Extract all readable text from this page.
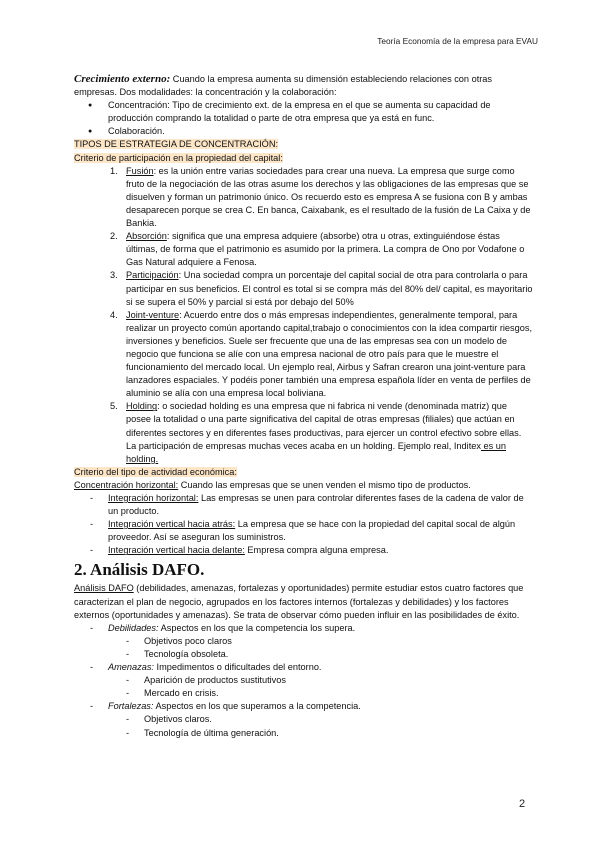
Teoría Economía de la empresa para EVAU

Crecimiento externo: Cuando la empresa aumenta su dimensión estableciendo relaciones con otras empresas. Dos modalidades: la concentración y la colaboración:

● Concentración: Tipo de crecimiento ext. de la empresa en el que se aumenta su capacidad de producción comprando la totalidad o parte de otra empresa que ya está en func.
● Colaboración.

TIPOS DE ESTRATEGIA DE CONCENTRACIÓN:

Criterio de participación en la propiedad del capital:

1. Fusión: es la unión entre varias sociedades para crear una nueva. La empresa que surge como fruto de la negociación de las otras asume los derechos y las obligaciones de las empresas que se disuelven y forman un patrimonio único. Os recuerdo esto es empresa A se fusiona con B y ambas desaparecen porque se crea C. En banca, Caixabank, es el resultado de la fusión de La Caixa y de Bankia.
2. Absorción: significa que una empresa adquiere (absorbe) otra u otras, extinguiéndose éstas últimas, de forma que el patrimonio es asumido por la primera. La compra de Ono por Vodafone o Gas Natural adquiere a Fenosa.
3. Participación: Una sociedad compra un porcentaje del capital social de otra para controlarla o para participar en sus beneficios. El control es total si se compra más del 80% del/ capital, es mayoritario si se supera el 50% y parcial si está por debajo del 50%
4. Joint-venture: Acuerdo entre dos o más empresas independientes, generalmente temporal, para realizar un proyecto común aportando capital,trabajo o conocimientos con la idea compartir riesgos, inversiones y beneficios. Suele ser frecuente que una de las empresas sea con un modelo de negocio que funciona se alíe con una empresa nacional de otro país para que le muestre el funcionamiento del mercado local. Un ejemplo real, Airbus y Safran crearon una joint-venture para lanzadores espaciales. Y podéis poner también una empresa española líder en venta de perfiles de aluminio se alía con una empresa local boliviana.
5. Holding: o sociedad holding es una empresa que ni fabrica ni vende (denominada matriz) que posee la totalidad o una parte significativa del capital de otras empresas (filiales) que actúan en diferentes sectores y en diferentes fases productivas, para ejercer un control efectivo sobre ellas. La participación de empresas muchas veces acaba en un holding. Ejemplo real, Inditex es un holding.

Criterio del tipo de actividad económica:

Concentración horizontal: Cuando las empresas que se unen venden el mismo tipo de productos.

- Integración horizontal: Las empresas se unen para controlar diferentes fases de la cadena de valor de un producto.
- Integración vertical hacia atrás: La empresa que se hace con la propiedad del capital socal de algún proveedor. Así se aseguran los suministros.
- Integración vertical hacia delante: Empresa compra alguna empresa.
2. Análisis DAFO.

Análisis DAFO (debilidades, amenazas, fortalezas y oportunidades) permite estudiar estos cuatro factores que caracterizan el plan de negocio, agrupados en los factores internos (fortalezas y debilidades) y los factores externos (oportunidades y amenazas). Se trata de observar cómo pueden influir en las posibilidades de éxito.

- Debilidades: Aspectos en los que la competencia los supera.
- Objetivos poco claros
- Tecnología obsoleta.
- Amenazas: Impedimentos o dificultades del entorno.
- Aparición de productos sustitutivos
- Mercado en crisis.
- Fortalezas: Aspectos en los que superamos a la competencia.
- Objetivos claros.
- Tecnología de última generación.
2
